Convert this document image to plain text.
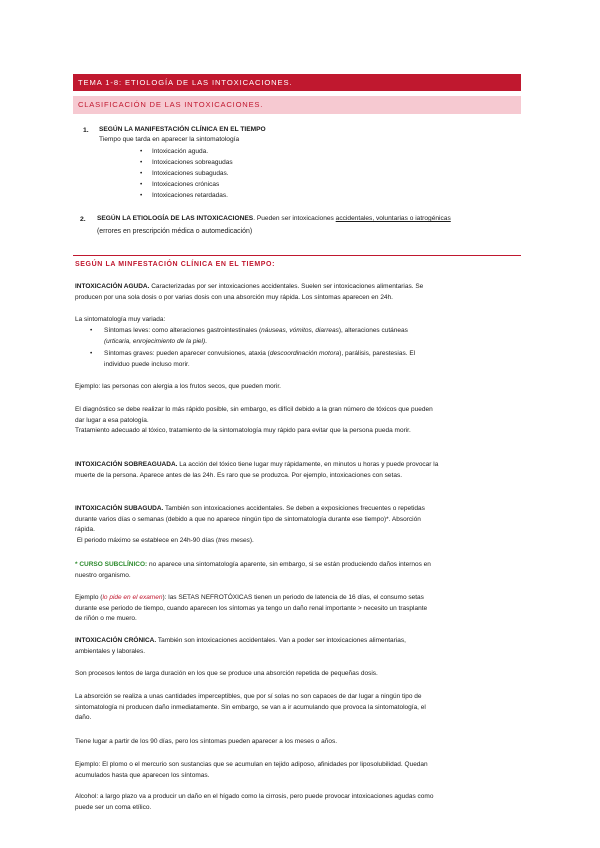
TEMA 1-8: ETIOLOGÍA DE LAS INTOXICACIONES.
CLASIFICACIÓN DE LAS INTOXICACIONES.
1. SEGÚN LA MANIFESTACIÓN CLÍNICA EN EL TIEMPO
Tiempo que tarda en aparecer la sintomatología
• Intoxicación aguda.
• Intoxicaciones sobreagudas
• Intoxicaciones subagudas.
• Intoxicaciones crónicas
• Intoxicaciones retardadas.
2. SEGÚN LA ETIOLOGÍA DE LAS INTOXICACIONES. Pueden ser intoxicaciones accidentales, voluntarias o iatrogénicas
(errores en prescripción médica o automedicación)
SEGÚN LA MINFESTACIÓN CLÍNICA EN EL TIEMPO:
INTOXICACIÓN AGUDA. Caracterizadas por ser intoxicaciones accidentales. Suelen ser intoxicaciones alimentarias. Se
producen por una sola dosis o por varias dosis con una absorción muy rápida. Los síntomas aparecen en 24h.
La sintomatología muy variada:
• Síntomas leves: como alteraciones gastrointestinales (náuseas, vómitos, diarreas), alteraciones cutáneas
(urticaria, enrojecimiento de la piel).
• Síntomas graves: pueden aparecer convulsiones, ataxia (descoordinación motora), parálisis, parestesias. El
individuo puede incluso morir.
Ejemplo: las personas con alergia a los frutos secos, que pueden morir.
El diagnóstico se debe realizar lo más rápido posible, sin embargo, es difícil debido a la gran número de tóxicos que pueden
dar lugar a esa patología.
Tratamiento adecuado al tóxico, tratamiento de la sintomatología muy rápido para evitar que la persona pueda morir.
INTOXICACIÓN SOBREAGUADA. La acción del tóxico tiene lugar muy rápidamente, en minutos u horas y puede provocar la
muerte de la persona. Aparece antes de las 24h. Es raro que se produzca. Por ejemplo, intoxicaciones con setas.
INTOXICACIÓN SUBAGUDA. También son intoxicaciones accidentales. Se deben a exposiciones frecuentes o repetidas
durante varios días o semanas (debido a que no aparece ningún tipo de sintomatología durante ese tiempo)*. Absorción
rápida.
El periodo máximo se establece en 24h-90 días (tres meses).
* CURSO SUBCLÍNICO: no aparece una sintomatología aparente, sin embargo, si se están produciendo daños internos en
nuestro organismo.
Ejemplo (lo pide en el examen): las SETAS NEFROTÓXICAS tienen un periodo de latencia de 16 días, el consumo setas
durante ese periodo de tiempo, cuando aparecen los síntomas ya tengo un daño renal importante > necesito un trasplante
de riñón o me muero.
INTOXICACIÓN CRÓNICA. También son intoxicaciones accidentales. Van a poder ser intoxicaciones alimentarias,
ambientales y laborales.
Son procesos lentos de larga duración en los que se produce una absorción repetida de pequeñas dosis.
La absorción se realiza a unas cantidades imperceptibles, que por sí solas no son capaces de dar lugar a ningún tipo de
sintomatología ni producen daño inmediatamente. Sin embargo, se van a ir acumulando que provoca la sintomatología, el
daño.
Tiene lugar a partir de los 90 días, pero los síntomas pueden aparecer a los meses o años.
Ejemplo: El plomo o el mercurio son sustancias que se acumulan en tejido adiposo, afinidades por liposolubilidad. Quedan
acumulados hasta que aparecen los síntomas.
Alcohol: a largo plazo va a producir un daño en el hígado como la cirrosis, pero puede provocar intoxicaciones agudas como
puede ser un coma etílico.
